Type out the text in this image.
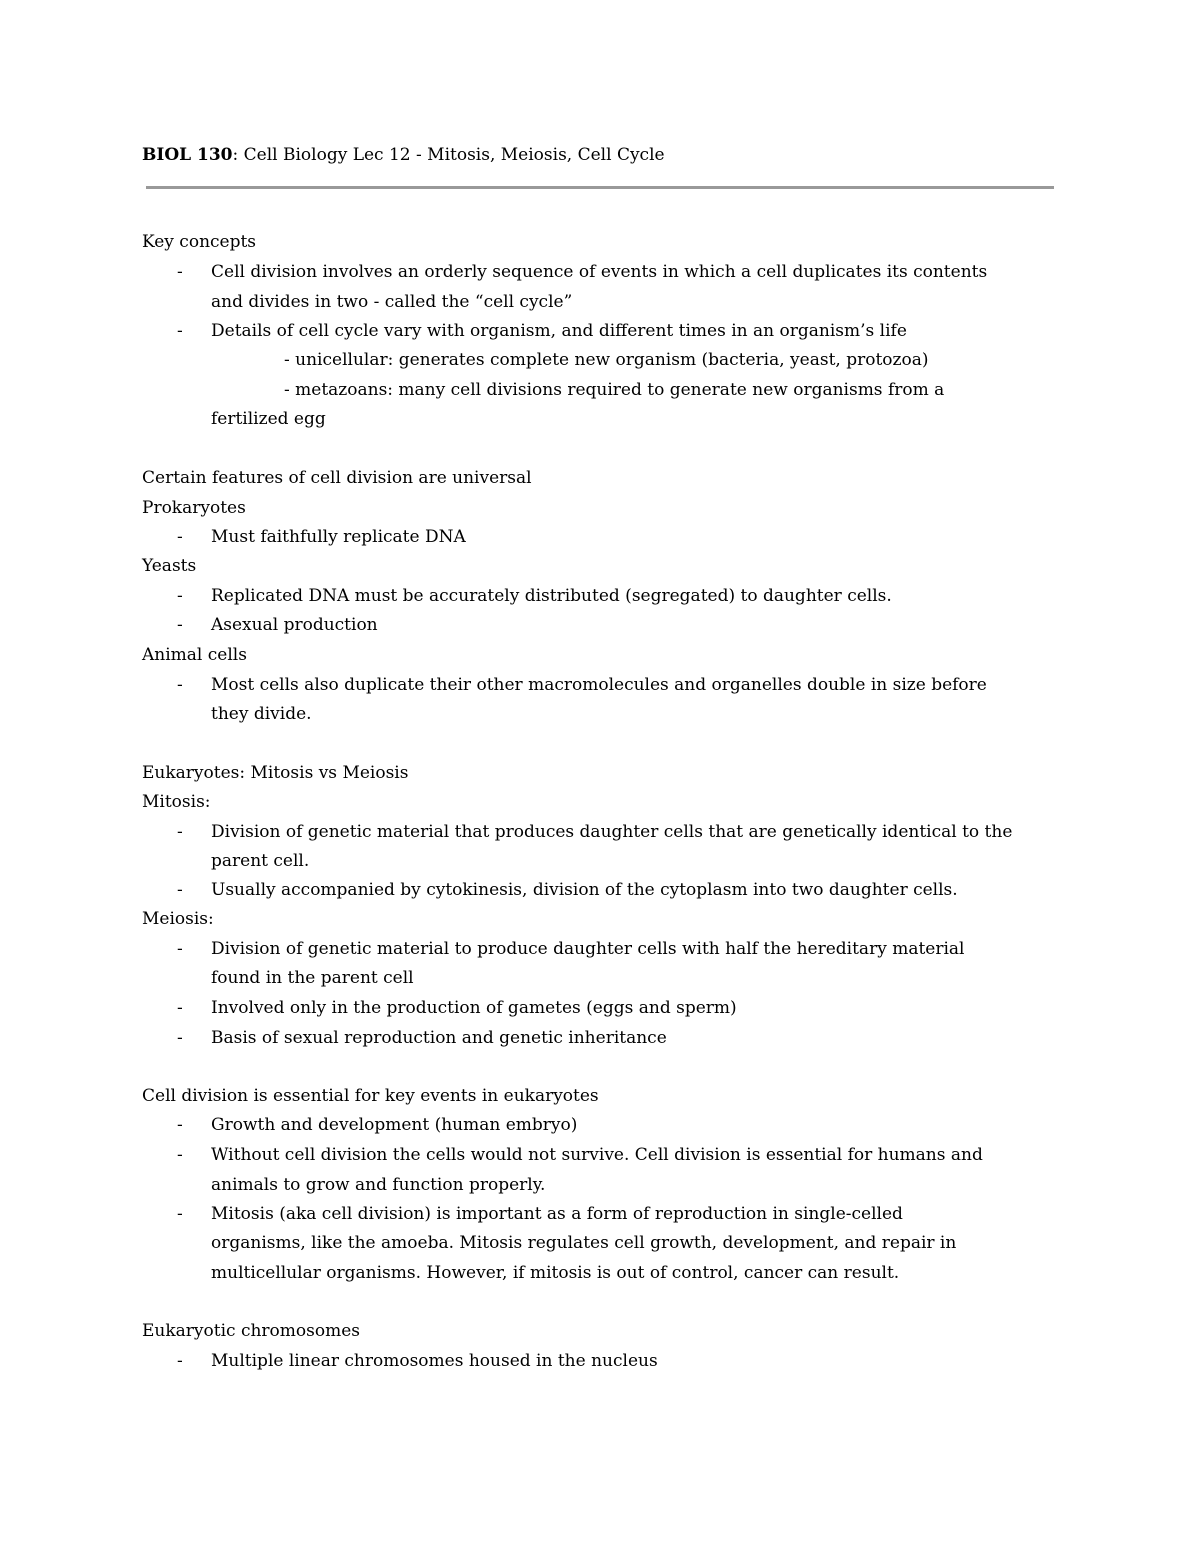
BIOL 130: Cell Biology Lec 12 - Mitosis, Meiosis, Cell Cycle
Key concepts
- Cell division involves an orderly sequence of events in which a cell duplicates its contents
and divides in two - called the “cell cycle”
- Details of cell cycle vary with organism, and different times in an organism’s life
- unicellular: generates complete new organism (bacteria, yeast, protozoa)
- metazoans: many cell divisions required to generate new organisms from a
fertilized egg
Certain features of cell division are universal
Prokaryotes
- Must faithfully replicate DNA
Yeasts
- Replicated DNA must be accurately distributed (segregated) to daughter cells.
- Asexual production
Animal cells
- Most cells also duplicate their other macromolecules and organelles double in size before
they divide.
Eukaryotes: Mitosis vs Meiosis
Mitosis:
- Division of genetic material that produces daughter cells that are genetically identical to the
parent cell.
- Usually accompanied by cytokinesis, division of the cytoplasm into two daughter cells.
Meiosis:
- Division of genetic material to produce daughter cells with half the hereditary material
found in the parent cell
- Involved only in the production of gametes (eggs and sperm)
- Basis of sexual reproduction and genetic inheritance
Cell division is essential for key events in eukaryotes
- Growth and development (human embryo)
- Without cell division the cells would not survive. Cell division is essential for humans and
animals to grow and function properly.
- Mitosis (aka cell division) is important as a form of reproduction in single-celled
organisms, like the amoeba. Mitosis regulates cell growth, development, and repair in
multicellular organisms. However, if mitosis is out of control, cancer can result.
Eukaryotic chromosomes
- Multiple linear chromosomes housed in the nucleus
